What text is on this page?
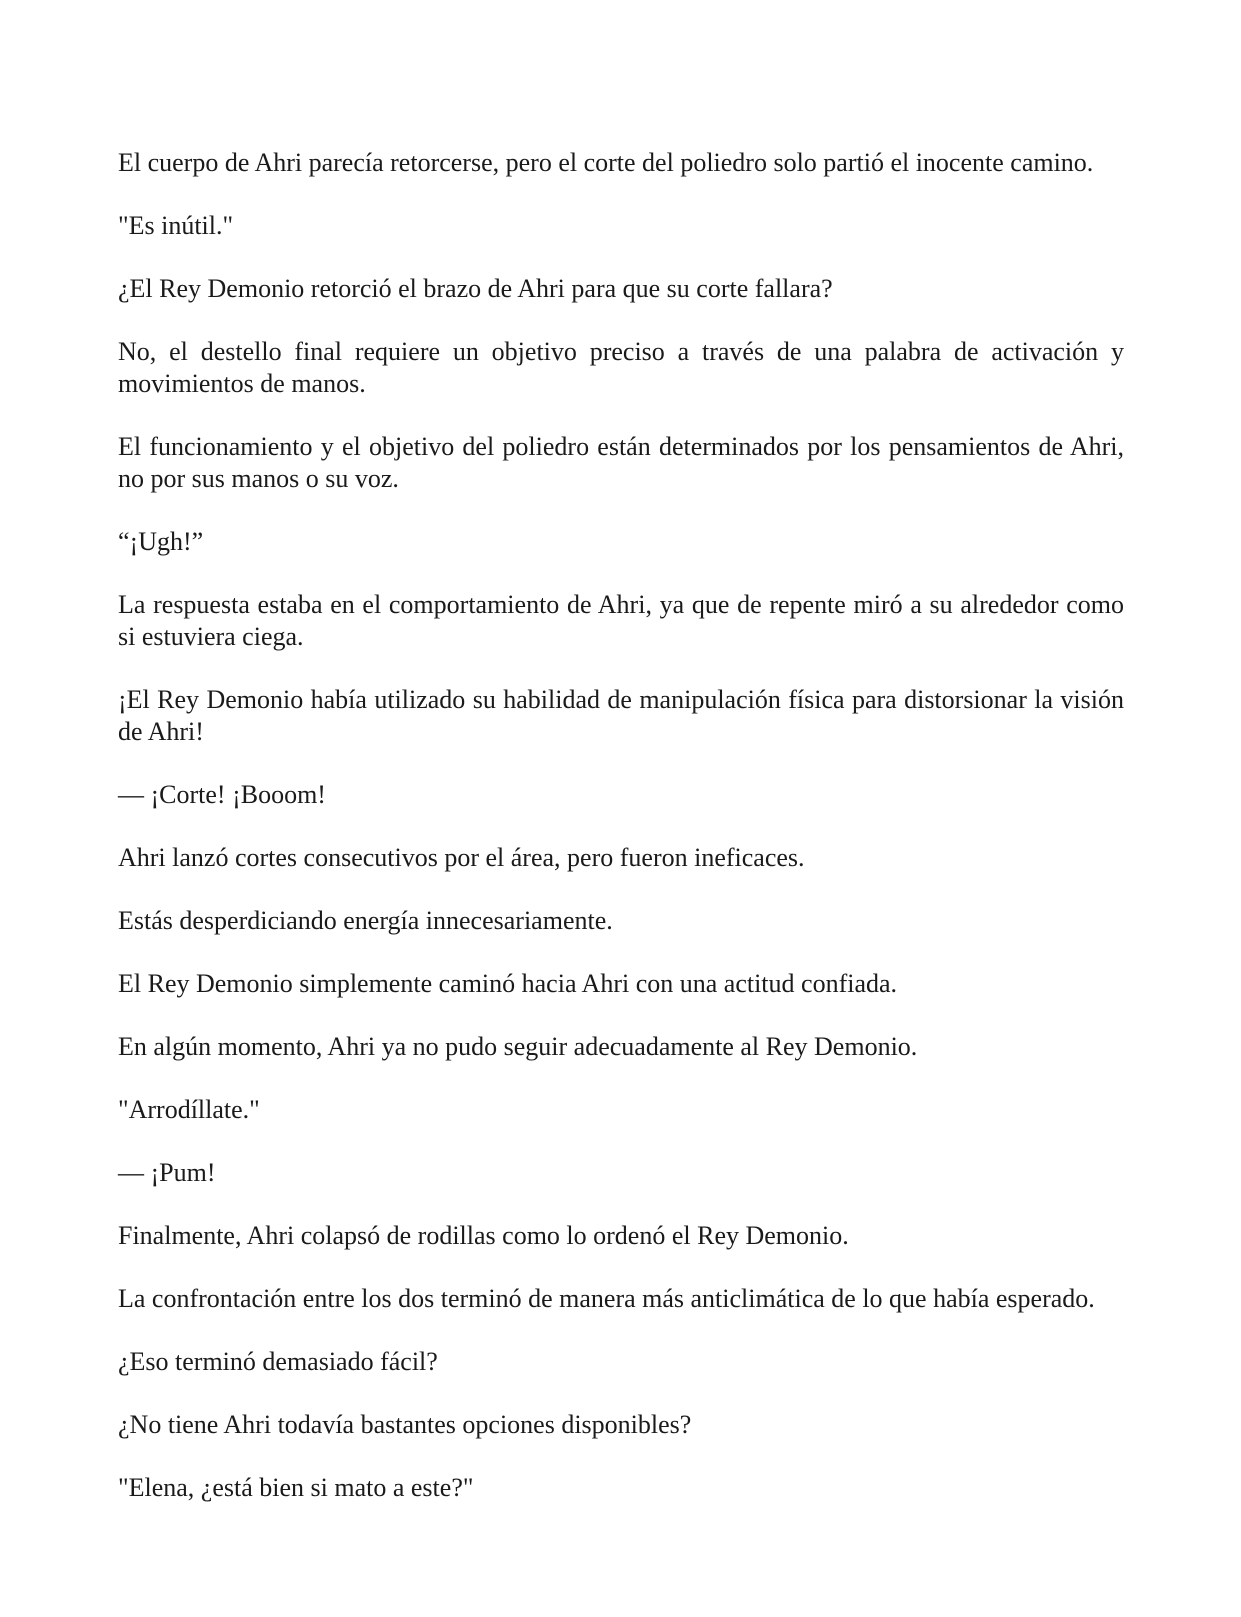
El cuerpo de Ahri parecía retorcerse, pero el corte del poliedro solo partió el inocente camino.

"Es inútil."

¿El Rey Demonio retorció el brazo de Ahri para que su corte fallara?

No, el destello final requiere un objetivo preciso a través de una palabra de activación y movimientos de manos.

El funcionamiento y el objetivo del poliedro están determinados por los pensamientos de Ahri, no por sus manos o su voz.

“¡Ugh!”

La respuesta estaba en el comportamiento de Ahri, ya que de repente miró a su alrededor como si estuviera ciega.

¡El Rey Demonio había utilizado su habilidad de manipulación física para distorsionar la visión de Ahri!

— ¡Corte! ¡Booom!

Ahri lanzó cortes consecutivos por el área, pero fueron ineficaces.

Estás desperdiciando energía innecesariamente.

El Rey Demonio simplemente caminó hacia Ahri con una actitud confiada.

En algún momento, Ahri ya no pudo seguir adecuadamente al Rey Demonio.

"Arrodíllate."

— ¡Pum!

Finalmente, Ahri colapsó de rodillas como lo ordenó el Rey Demonio.

La confrontación entre los dos terminó de manera más anticlimática de lo que había esperado.

¿Eso terminó demasiado fácil?

¿No tiene Ahri todavía bastantes opciones disponibles?

"Elena, ¿está bien si mato a este?"
